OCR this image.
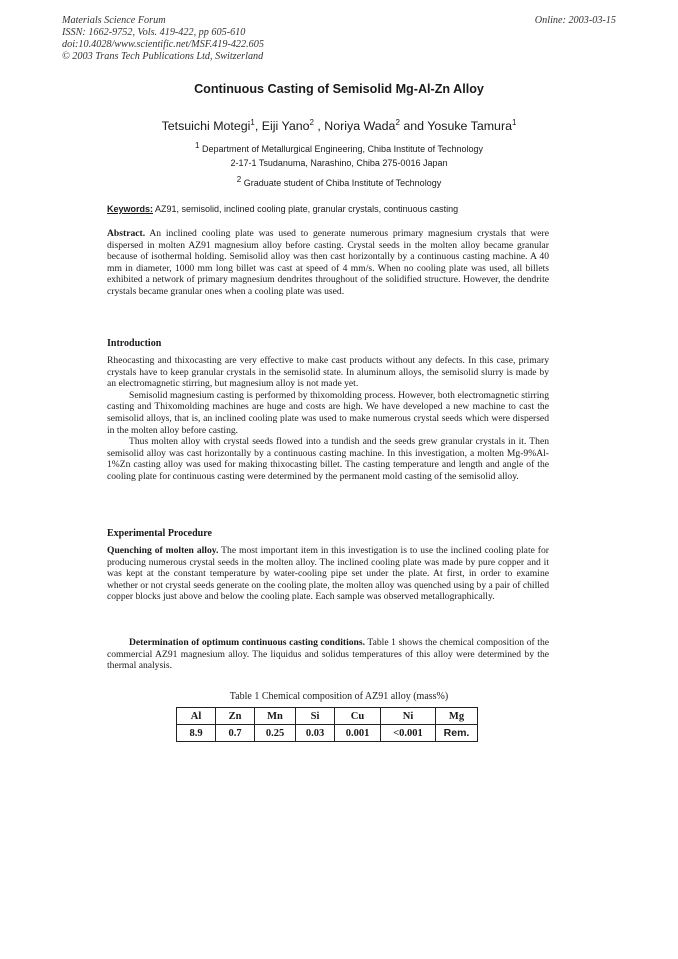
Materials Science Forum
ISSN: 1662-9752, Vols. 419-422, pp 605-610
doi:10.4028/www.scientific.net/MSF.419-422.605
© 2003 Trans Tech Publications Ltd, Switzerland
Online: 2003-03-15
Continuous Casting of Semisolid Mg-Al-Zn Alloy
Tetsuichi Motegi$^1$, Eiji Yano$^2$ , Noriya Wada$^2$ and Yosuke Tamura$^1$
$^1$ Department of Metallurgical Engineering, Chiba Institute of Technology
2-17-1 Tsudanuma, Narashino, Chiba 275-0016 Japan
$^2$ Graduate student of Chiba Institute of Technology
Keywords: AZ91, semisolid, inclined cooling plate, granular crystals, continuous casting

Abstract. An inclined cooling plate was used to generate numerous primary magnesium crystals that were dispersed in molten AZ91 magnesium alloy before casting. Crystal seeds in the molten alloy became granular because of isothermal holding. Semisolid alloy was then cast horizontally by a continuous casting machine. A 40 mm in diameter, 1000 mm long billet was cast at speed of 4 mm/s. When no cooling plate was used, all billets exhibited a network of primary magnesium dendrites throughout of the solidified structure. However, the dendrite crystals became granular ones when a cooling plate was used.

Introduction

Rheocasting and thixocasting are very effective to make cast products without any defects. In this case, primary crystals have to keep granular crystals in the semisolid state. In aluminum alloys, the semisolid slurry is made by an electromagnetic stirring, but magnesium alloy is not made yet.

Semisolid magnesium casting is performed by thixomolding process. However, both electromagnetic stirring casting and Thixomolding machines are huge and costs are high. We have developed a new machine to cast the semisolid alloys, that is, an inclined cooling plate was used to make numerous crystal seeds which were dispersed in the molten alloy before casting.

Thus molten alloy with crystal seeds flowed into a tundish and the seeds grew granular crystals in it. Then semisolid alloy was cast horizontally by a continuous casting machine. In this investigation, a molten Mg-9%Al-1%Zn casting alloy was used for making thixocasting billet. The casting temperature and length and angle of the cooling plate for continuous casting were determined by the permanent mold casting of the semisolid alloy.

Experimental Procedure

Quenching of molten alloy. The most important item in this investigation is to use the inclined cooling plate for producing numerous crystal seeds in the molten alloy. The inclined cooling plate was made by pure copper and it was kept at the constant temperature by water-cooling pipe set under the plate. At first, in order to examine whether or not crystal seeds generate on the cooling plate, the molten alloy was quenched using by a pair of chilled copper blocks just above and below the cooling plate. Each sample was observed metallographically.

Determination of optimum continuous casting conditions. Table 1 shows the chemical composition of the commercial AZ91 magnesium alloy. The liquidus and solidus temperatures of this alloy were determined by the thermal analysis.

Table 1 Chemical composition of AZ91 alloy (mass%)
Al	Zn	Mn	Si	Cu	Ni	Mg
8.9	0.7	0.25	0.03	0.001	<0.001	Rem.
